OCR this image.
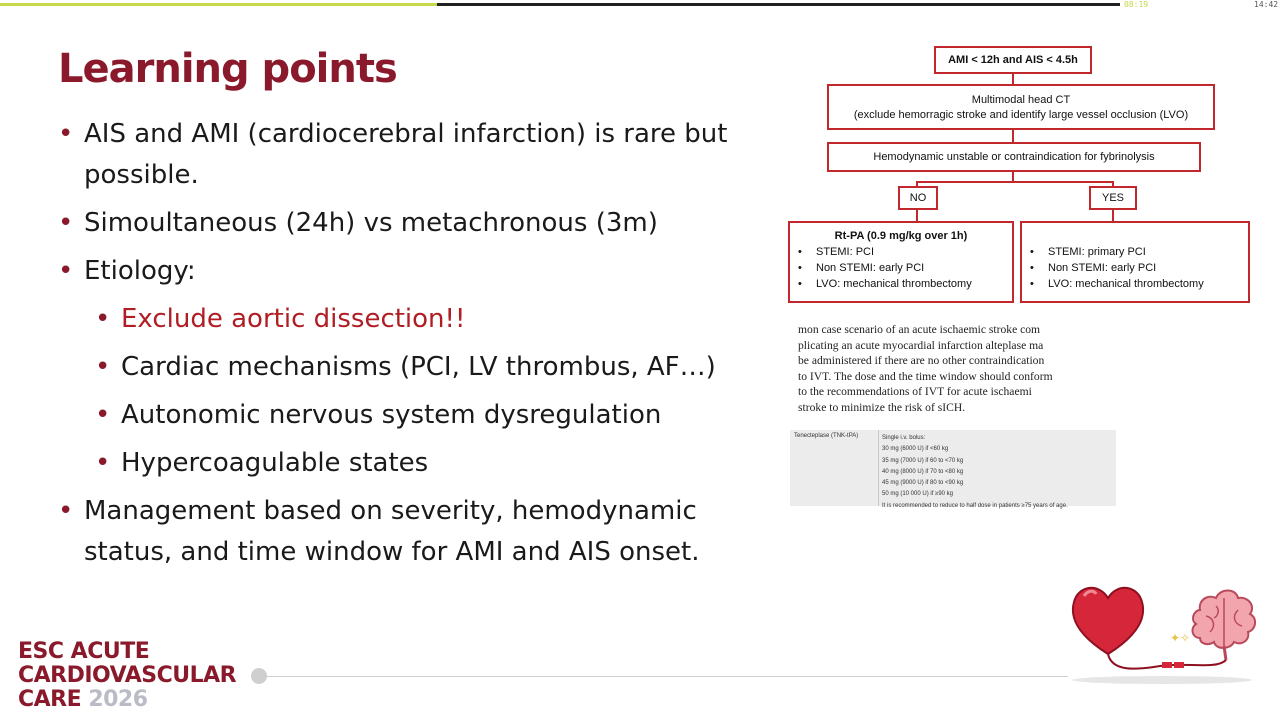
08:19	14:42
Learning points
• AIS and AMI (cardiocerebral infarction) is rare but possible.
• Simoultaneous (24h) vs metachronous (3m)
• Etiology:
• Exclude aortic dissection!!
• Cardiac mechanisms (PCI, LV thrombus, AF…)
• Autonomic nervous system dysregulation
• Hypercoagulable states
• Management based on severity, hemodynamic status, and time window for AMI and AIS onset.
AMI < 12h and AIS < 4.5h
Multimodal head CT
(exclude hemorragic stroke and identify large vessel occlusion (LVO)
Hemodynamic unstable or contraindication for fybrinolysis
NO	YES
Rt-PA (0.9 mg/kg over 1h)
• STEMI: PCI
• Non STEMI: early PCI
• LVO: mechanical thrombectomy
• STEMI: primary PCI
• Non STEMI: early PCI
• LVO: mechanical thrombectomy
mon case scenario of an acute ischaemic stroke com
plicating an acute myocardial infarction alteplase ma
be administered if there are no other contraindication
to IVT. The dose and the time window should conform
to the recommendations of IVT for acute ischaemi
stroke to minimize the risk of sICH.
Tenecteplase (TNK-tPA)	Single i.v. bolus:
30 mg (6000 U) if <60 kg
35 mg (7000 U) if 60 to <70 kg
40 mg (8000 U) if 70 to <80 kg
45 mg (9000 U) if 80 to <90 kg
50 mg (10 000 U) if ≥90 kg
It is recommended to reduce to half dose in patients ≥75 years of age.
ESC ACUTE
CARDIOVASCULAR
CARE 2026
✦✧
